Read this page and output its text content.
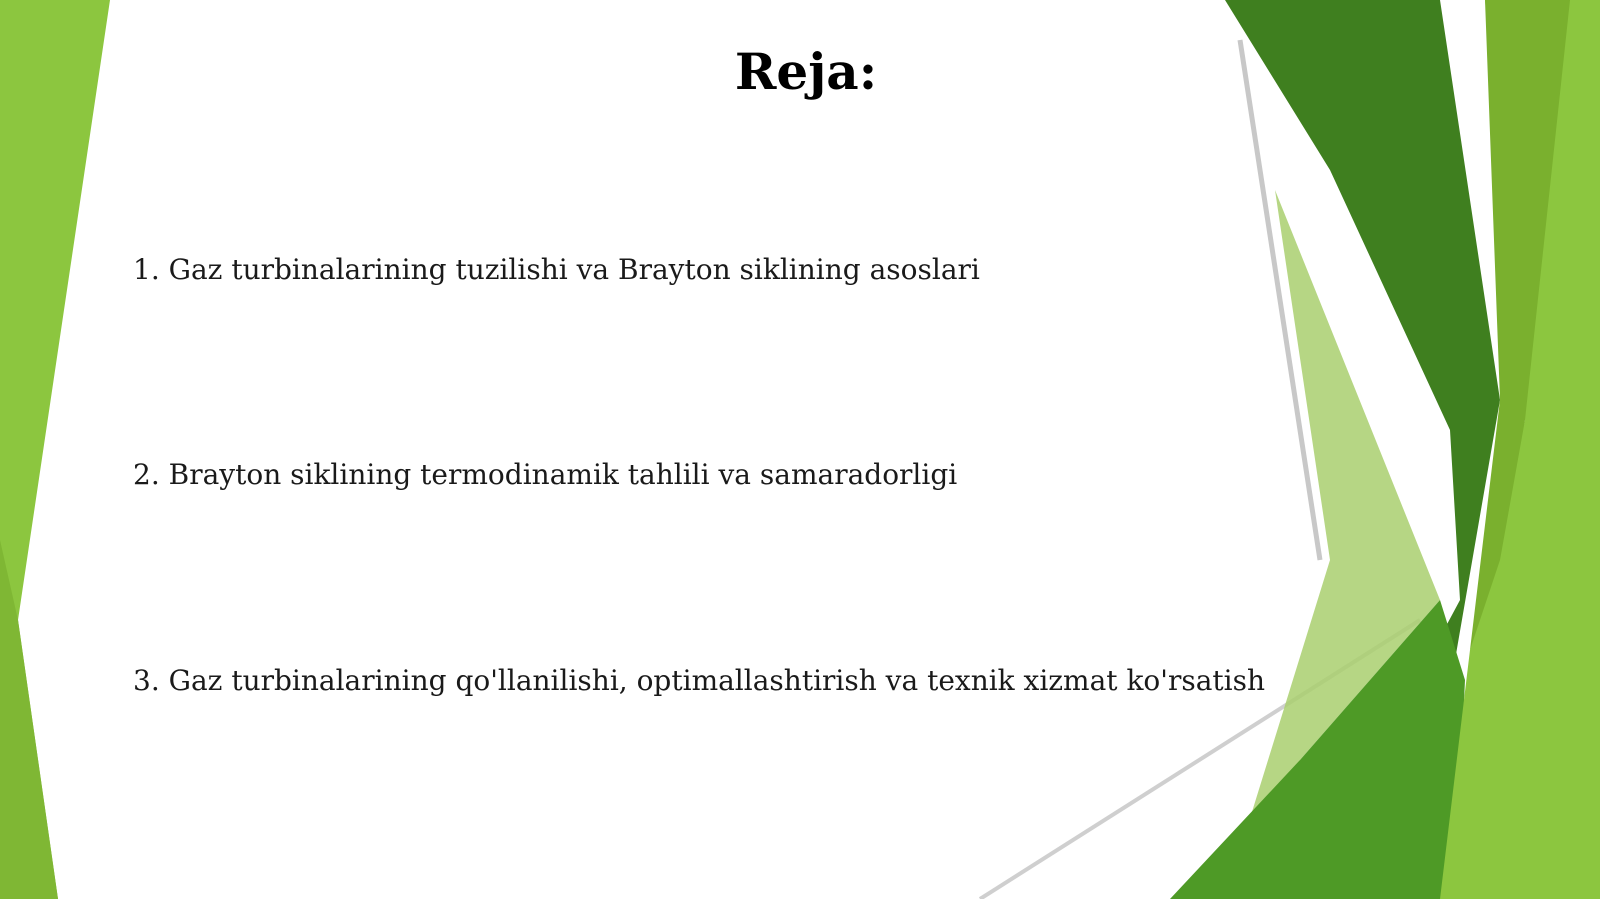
Reja:
1. Gaz turbinalarining tuzilishi va Brayton siklining asoslari
2. Brayton siklining termodinamik tahlili va samaradorligi
3. Gaz turbinalarining qo'llanilishi, optimallashtirish va texnik xizmat ko'rsatish
